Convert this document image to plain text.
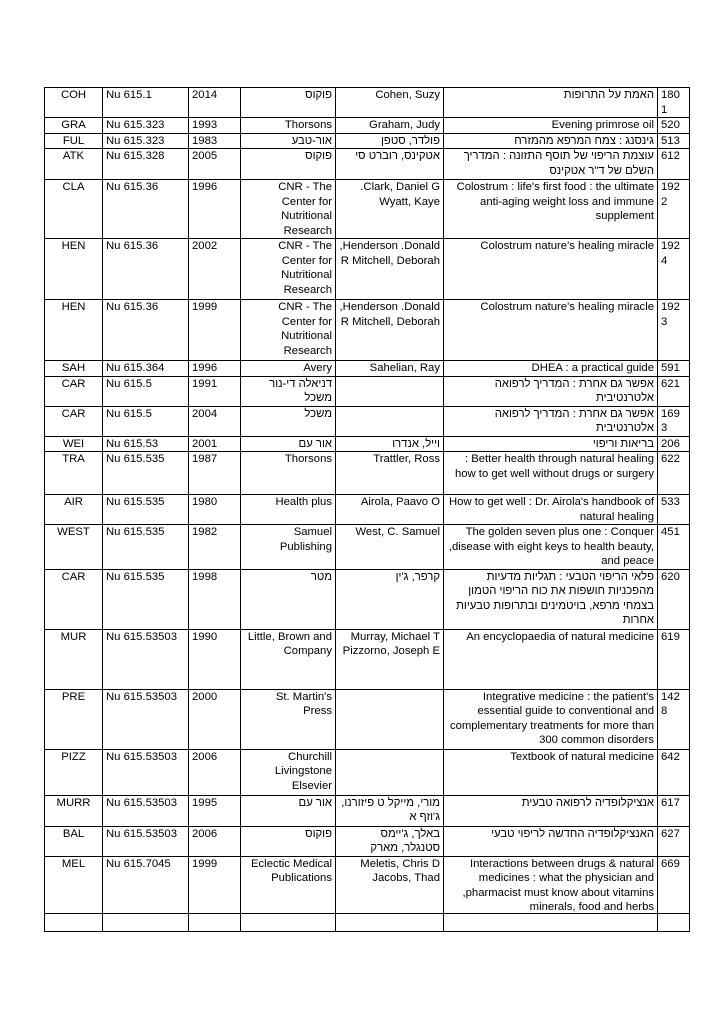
COH	Nu 615.1	2014	פוקוס	Cohen, Suzy	האמת על התרופות	1801
GRA	Nu 615.323	1993	Thorsons	Graham, Judy	Evening primrose oil	520
FUL	Nu 615.323	1983	אור-טבע	פולדר, סטפן	גינסנג : צמח המרפא מהמזרח	513
ATK	Nu 615.328	2005	פוקוס	אטקינס, רוברט סי	עוצמת הריפוי של תוסף התזונה : המדריך השלם של ד"ר אטקינס	612
CLA	Nu 615.36	1996	CNR - The Center for Nutritional Research	.Clark, Daniel G Wyatt, Kaye	Colostrum : life's first food : the ultimate anti-aging weight loss and immune supplement	1922
HEN	Nu 615.36	2002	CNR - The Center for Nutritional Research	,Henderson .Donald R Mitchell, Deborah	Colostrum nature's healing miracle	1924
HEN	Nu 615.36	1999	CNR - The Center for Nutritional Research	,Henderson .Donald R Mitchell, Deborah	Colostrum nature's healing miracle	1923
SAH	Nu 615.364	1996	Avery	Sahelian, Ray	DHEA : a practical guide	591
CAR	Nu 615.5	1991	דניאלה די-נור משכל		אפשר גם אחרת : המדריך לרפואה אלטרנטיבית	621
CAR	Nu 615.5	2004	משכל		אפשר גם אחרת : המדריך לרפואה אלטרנטיבית	1693
WEI	Nu 615.53	2001	אור עם	וייל, אנדרו	בריאות וריפוי	206
TRA	Nu 615.535	1987	Thorsons	Trattler, Ross	: Better health through natural healing how to get well without drugs or surgery	622
AIR	Nu 615.535	1980	Health plus	Airola, Paavo O	How to get well : Dr. Airola's handbook of natural healing	533
WEST	Nu 615.535	1982	Samuel Publishing	West, C. Samuel	The golden seven plus one : Conquer ,disease with eight keys to health beauty, and peace	451
CAR	Nu 615.535	1998	מטר	קרפר, ג'ין	פלאי הריפוי הטבעי : תגליות מדעיות מהפכניות חושפות את כוח הריפוי הטמון בצמחי מרפא, בויטמינים ובתרופות טבעיות אחרות	620
MUR	Nu 615.53503	1990	Little, Brown and Company	Murray, Michael T Pizzorno, Joseph E	An encyclopaedia of natural medicine	619
PRE	Nu 615.53503	2000	St. Martin's Press		Integrative medicine : the patient's essential guide to conventional and complementary treatments for more than 300 common disorders	1428
PIZZ	Nu 615.53503	2006	Churchill Livingstone Elsevier		Textbook of natural medicine	642
MURR	Nu 615.53503	1995	אור עם	מורי, מייקל ט פיזורנו, ג'וזף א	אנציקלופדיה לרפואה טבעית	617
BAL	Nu 615.53503	2006	פוקוס	באלך, ג'יימס סטנגלר, מארק	האנציקלופדיה החדשה לריפוי טבעי	627
MEL	Nu 615.7045	1999	Eclectic Medical Publications	Meletis, Chris D Jacobs, Thad	Interactions between drugs & natural medicines : what the physician and ,pharmacist must know about vitamins minerals, food and herbs	669
